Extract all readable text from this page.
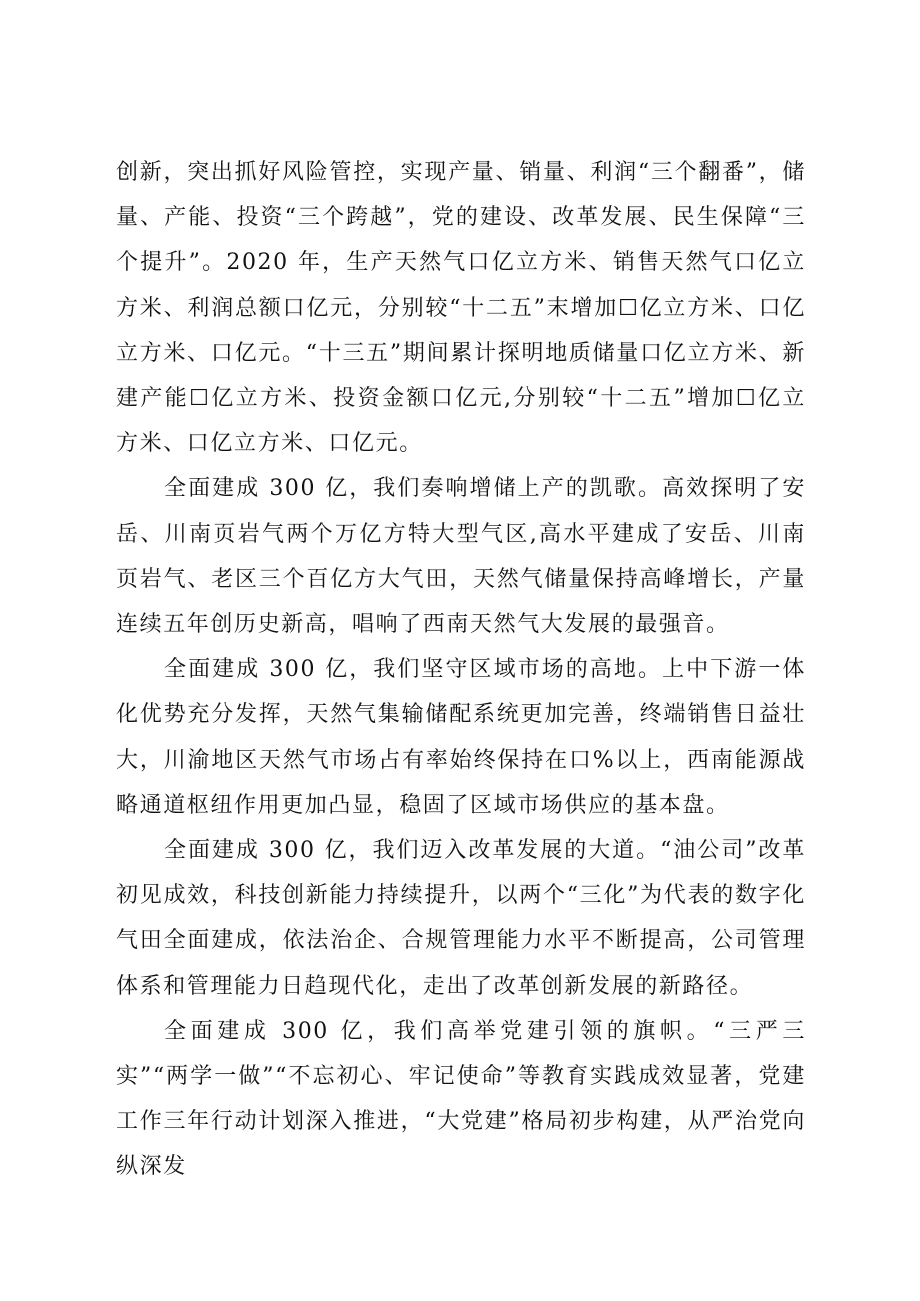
创新，突出抓好风险管控，实现产量、销量、利润“三个翻番”，储量、产能、投资“三个跨越”，党的建设、改革发展、民生保障“三个提升”。2020 年，生产天然气口亿立方米、销售天然气口亿立方米、利润总额口亿元，分别较“十二五”末增加☐亿立方米、口亿立方米、口亿元。“十三五”期间累计探明地质储量口亿立方米、新建产能☐亿立方米、投资金额口亿元,分别较“十二五”增加☐亿立方米、口亿立方米、口亿元。

全面建成 300 亿，我们奏响增储上产的凯歌。高效探明了安岳、川南页岩气两个万亿方特大型气区,高水平建成了安岳、川南页岩气、老区三个百亿方大气田，天然气储量保持高峰增长，产量连续五年创历史新高，唱响了西南天然气大发展的最强音。

全面建成 300 亿，我们坚守区域市场的高地。上中下游一体化优势充分发挥，天然气集输储配系统更加完善，终端销售日益壮大，川渝地区天然气市场占有率始终保持在口%以上，西南能源战略通道枢纽作用更加凸显，稳固了区域市场供应的基本盘。

全面建成 300 亿，我们迈入改革发展的大道。“油公司”改革初见成效，科技创新能力持续提升，以两个“三化”为代表的数字化气田全面建成，依法治企、合规管理能力水平不断提高，公司管理体系和管理能力日趋现代化，走出了改革创新发展的新路径。

全面建成 300 亿，我们高举党建引领的旗帜。“三严三实”“两学一做”“不忘初心、牢记使命”等教育实践成效显著，党建工作三年行动计划深入推进，“大党建”格局初步构建，从严治党向纵深发
